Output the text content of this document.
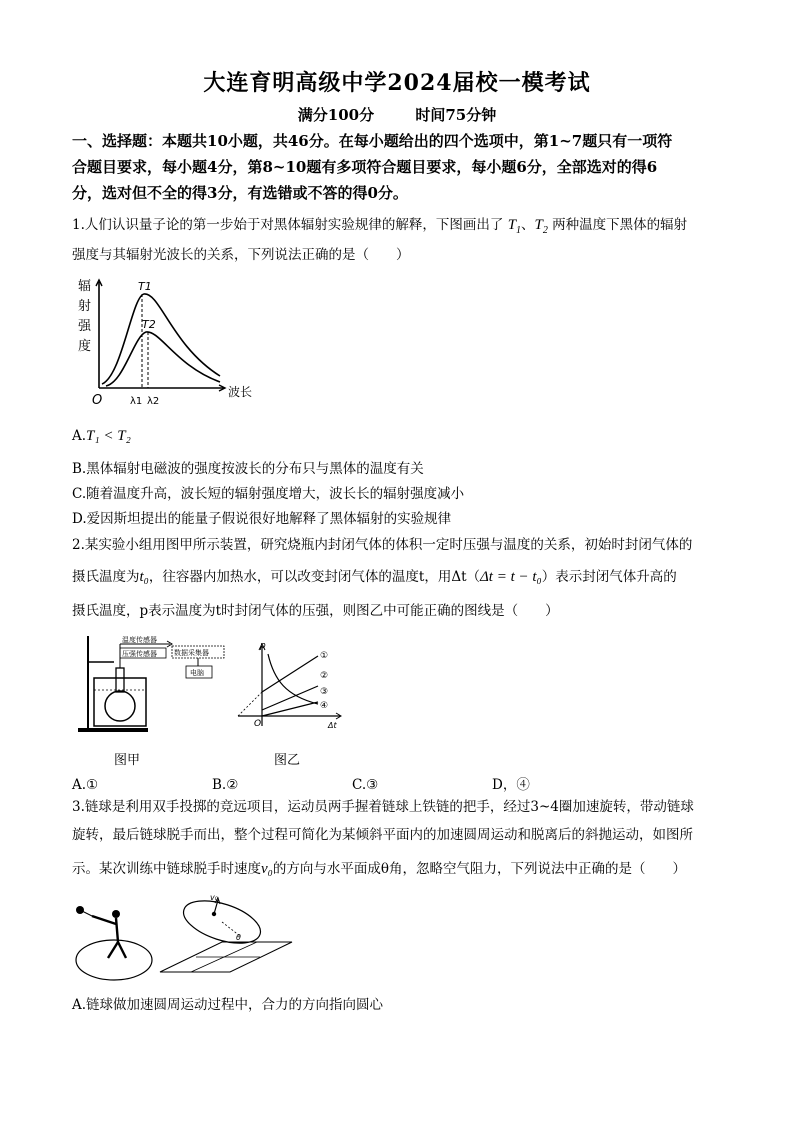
大连育明高级中学2024届校一模考试
满分100分	时间75分钟
一、选择题：本题共10小题，共46分。在每小题给出的四个选项中，第1~7题只有一项符
合题目要求，每小题4分，第8~10题有多项符合题目要求，每小题6分，全部选对的得6
分，选对但不全的得3分，有选错或不答的得0分。
1.人们认识量子论的第一步始于对黑体辐射实验规律的解释，下图画出了 $T_1$、$T_2$ 两种温度下黑体的辐射
强度与其辐射光波长的关系，下列说法正确的是（　　）
辐
射
强
度
T1
T2
O	λ1 λ2
波长
A.T₁ < T₂
B.黑体辐射电磁波的强度按波长的分布只与黑体的温度有关
C.随着温度升高，波长短的辐射强度增大，波长长的辐射强度减小
D.爱因斯坦提出的能量子假说很好地解释了黑体辐射的实验规律
2.某实验小组用图甲所示装置，研究烧瓶内封闭气体的体积一定时压强与温度的关系，初始时封闭气体的
摄氏温度为t₀，往容器内加热水，可以改变封闭气体的温度t，用Δt（Δt = t − t₀）表示封闭气体升高的
摄氏温度，p表示温度为t时封闭气体的压强，则图乙中可能正确的图线是（　　）
温度传感器
压强传感器 数据采集器
电脑
图甲
p
O	Δt
①
②
③
④
图乙
A.①	B.②	C.③	D，④
3.链球是利用双手投掷的竞远项目，运动员两手握着链球上铁链的把手，经过3~4圈加速旋转，带动链球
旋转，最后链球脱手而出，整个过程可简化为某倾斜平面内的加速圆周运动和脱离后的斜抛运动，如图所
示。某次训练中链球脱手时速度v₀的方向与水平面成θ角，忽略空气阻力，下列说法中正确的是（　　）
v₀
θ
A.链球做加速圆周运动过程中，合力的方向指向圆心
